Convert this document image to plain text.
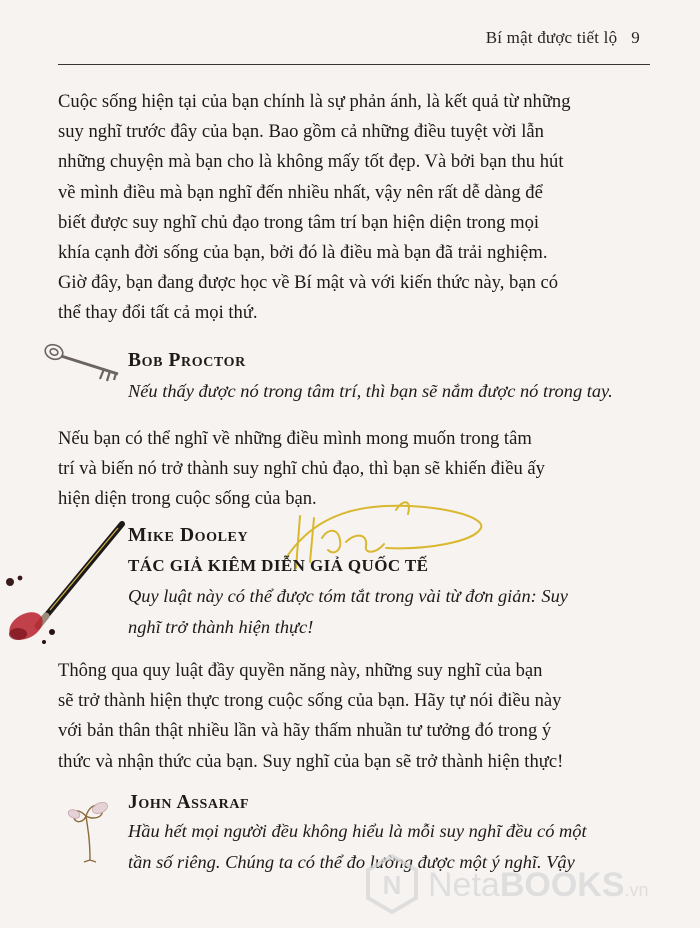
Bí mật được tiết lộ 9

Cuộc sống hiện tại của bạn chính là sự phản ánh, là kết quả từ những
suy nghĩ trước đây của bạn. Bao gồm cả những điều tuyệt vời lẫn
những chuyện mà bạn cho là không mấy tốt đẹp. Và bởi bạn thu hút
về mình điều mà bạn nghĩ đến nhiều nhất, vậy nên rất dễ dàng để
biết được suy nghĩ chủ đạo trong tâm trí bạn hiện diện trong mọi
khía cạnh đời sống của bạn, bởi đó là điều mà bạn đã trải nghiệm.
Giờ đây, bạn đang được học về Bí mật và với kiến thức này, bạn có
thể thay đổi tất cả mọi thứ.

Bob Proctor

Nếu thấy được nó trong tâm trí, thì bạn sẽ nắm được nó trong tay.

Nếu bạn có thể nghĩ về những điều mình mong muốn trong tâm
trí và biến nó trở thành suy nghĩ chủ đạo, thì bạn sẽ khiến điều ấy
hiện diện trong cuộc sống của bạn.

Mike Dooley
TÁC GIẢ KIÊM DIỄN GIẢ QUỐC TẾ

Quy luật này có thể được tóm tắt trong vài từ đơn giản: Suy
nghĩ trở thành hiện thực!

Thông qua quy luật đầy quyền năng này, những suy nghĩ của bạn
sẽ trở thành hiện thực trong cuộc sống của bạn. Hãy tự nói điều này
với bản thân thật nhiều lần và hãy thấm nhuần tư tưởng đó trong ý
thức và nhận thức của bạn. Suy nghĩ của bạn sẽ trở thành hiện thực!

John Assaraf

Hầu hết mọi người đều không hiểu là mỗi suy nghĩ đều có một
tần số riêng. Chúng ta có thể đo lường được một ý nghĩ. Vậy

N NetaBOOKS.vn
